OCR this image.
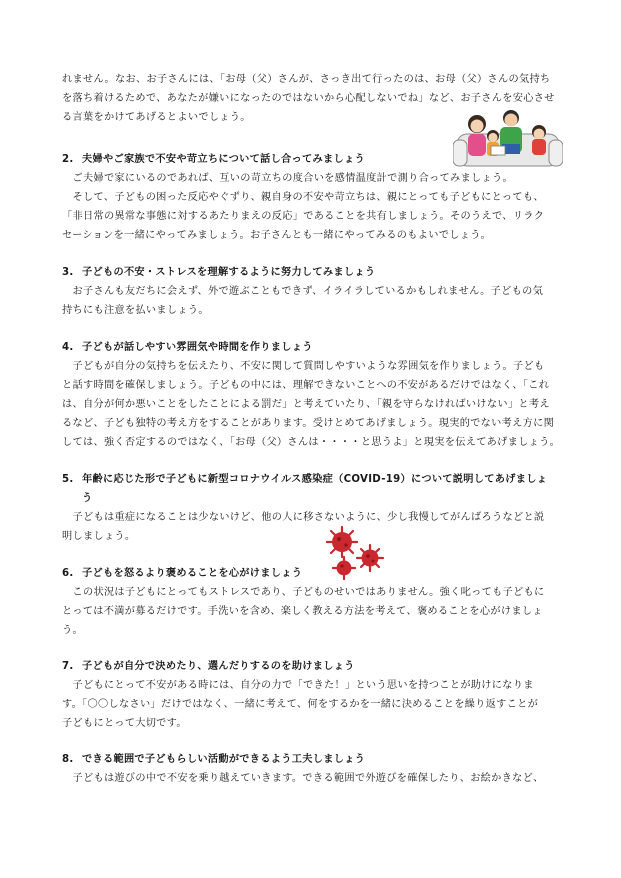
れません。なお、お子さんには、「お母（父）さんが、さっき出て行ったのは、お母（父）さんの気持ち
を落ち着けるためで、あなたが嫌いになったのではないから心配しないでね」など、お子さんを安心させ
る言葉をかけてあげるとよいでしょう。

2. 夫婦やご家族で不安や苛立ちについて話し合ってみましょう

　ご夫婦で家にいるのであれば、互いの苛立ちの度合いを感情温度計で測り合ってみましょう。
　そして、子どもの困った反応やぐずり、親自身の不安や苛立ちは、親にとっても子どもにとっても、
「非日常の異常な事態に対するあたりまえの反応」であることを共有しましょう。そのうえで、リラク
セーションを一緒にやってみましょう。お子さんとも一緒にやってみるのもよいでしょう。

3. 子どもの不安・ストレスを理解するように努力してみましょう

　お子さんも友だちに会えず、外で遊ぶこともできず、イライラしているかもしれません。子どもの気
持ちにも注意を払いましょう。

4. 子どもが話しやすい雰囲気や時間を作りましょう

　子どもが自分の気持ちを伝えたり、不安に関して質問しやすいような雰囲気を作りましょう。子ども
と話す時間を確保しましょう。子どもの中には、理解できないことへの不安があるだけではなく、「これ
は、自分が何か悪いことをしたことによる罰だ」と考えていたり、「親を守らなければいけない」と考え
るなど、子ども独特の考え方をすることがあります。受けとめてあげましょう。現実的でない考え方に関
しては、強く否定するのではなく、「お母（父）さんは・・・・と思うよ」と現実を伝えてあげましょう。

5. 年齢に応じた形で子どもに新型コロナウイルス感染症（COVID-19）について説明してあげましょ
う

　子どもは重症になることは少ないけど、他の人に移さないように、少し我慢してがんばろうなどと説
明しましょう。

6. 子どもを怒るより褒めることを心がけましょう

　この状況は子どもにとってもストレスであり、子どものせいではありません。強く叱っても子どもに
とっては不満が募るだけです。手洗いを含め、楽しく教える方法を考えて、褒めることを心がけましょ
う。

7. 子どもが自分で決めたり、選んだりするのを助けましょう

　子どもにとって不安がある時には、自分の力で「できた！」という思いを持つことが助けになりま
す。「〇〇しなさい」だけではなく、一緒に考えて、何をするかを一緒に決めることを繰り返すことが
子どもにとって大切です。

8. できる範囲で子どもらしい活動ができるよう工夫しましょう

　子どもは遊びの中で不安を乗り越えていきます。できる範囲で外遊びを確保したり、お絵かきなど、
